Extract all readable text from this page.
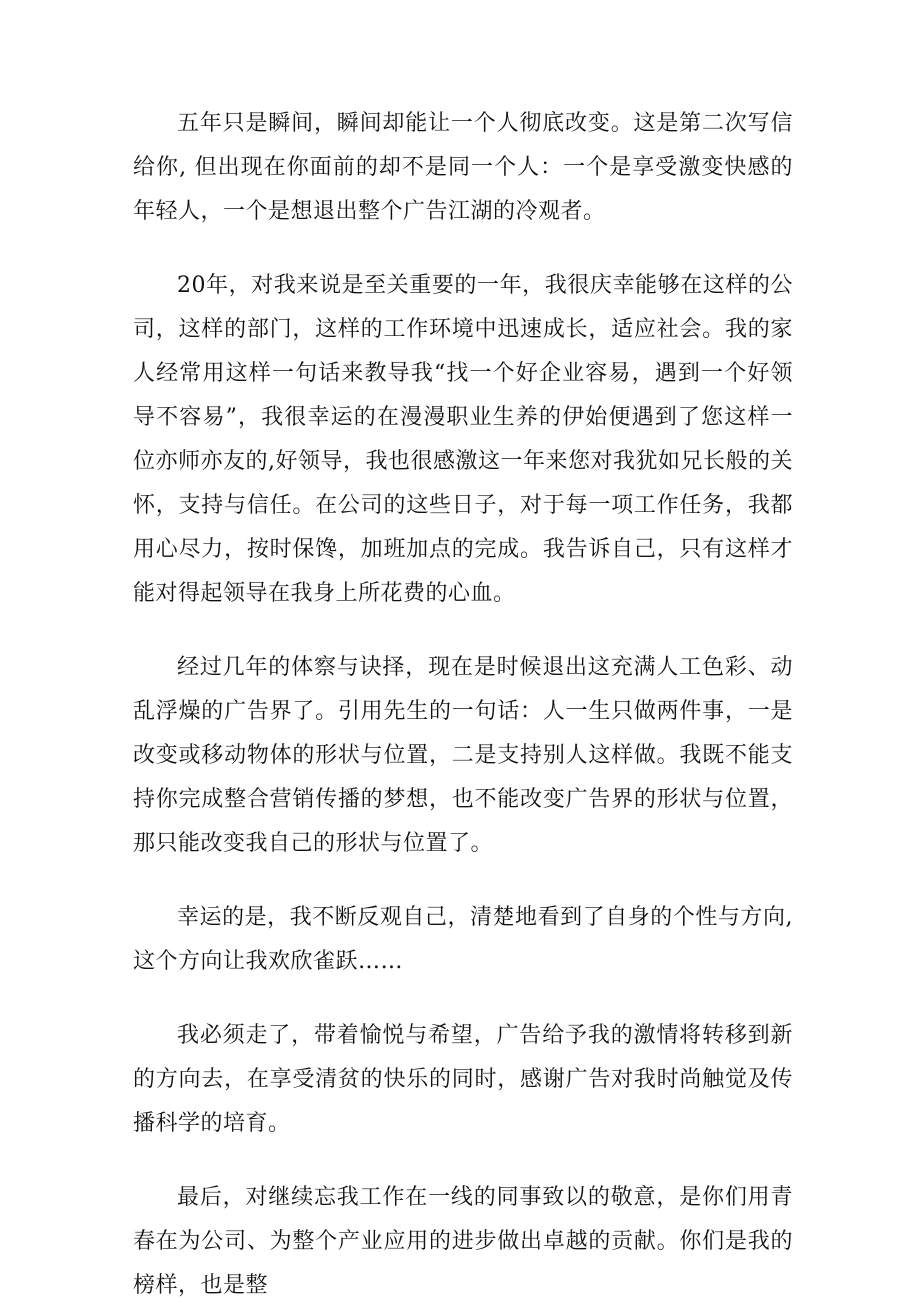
五年只是瞬间，瞬间却能让一个人彻底改变。这是第二次写信给你, 但出现在你面前的却不是同一个人：一个是享受激变快感的年轻人，一个是想退出整个广告江湖的冷观者。

20年，对我来说是至关重要的一年，我很庆幸能够在这样的公司，这样的部门，这样的工作环境中迅速成长，适应社会。我的家人经常用这样一句话来教导我“找一个好企业容易，遇到一个好领导不容易”，我很幸运的在漫漫职业生养的伊始便遇到了您这样一位亦师亦友的,好领导，我也很感激这一年来您对我犹如兄长般的关怀，支持与信任。在公司的这些日子，对于每一项工作任务，我都用心尽力，按时保馋，加班加点的完成。我告诉自己，只有这样才能对得起领导在我身上所花费的心血。

经过几年的体察与诀择，现在是时候退出这充满人工色彩、动乱浮燥的广告界了。引用先生的一句话：人一生只做两件事，一是改变或移动物体的形状与位置，二是支持别人这样做。我既不能支持你完成整合营销传播的梦想，也不能改变广告界的形状与位置，那只能改变我自己的形状与位置了。

幸运的是，我不断反观自己，清楚地看到了自身的个性与方向,这个方向让我欢欣雀跃……

我必须走了，带着愉悦与希望，广告给予我的激情将转移到新的方向去，在享受清贫的快乐的同时，感谢广告对我时尚触觉及传播科学的培育。

最后，对继续忘我工作在一线的同事致以的敬意，是你们用青春在为公司、为整个产业应用的进步做出卓越的贡献。你们是我的榜样，也是整
